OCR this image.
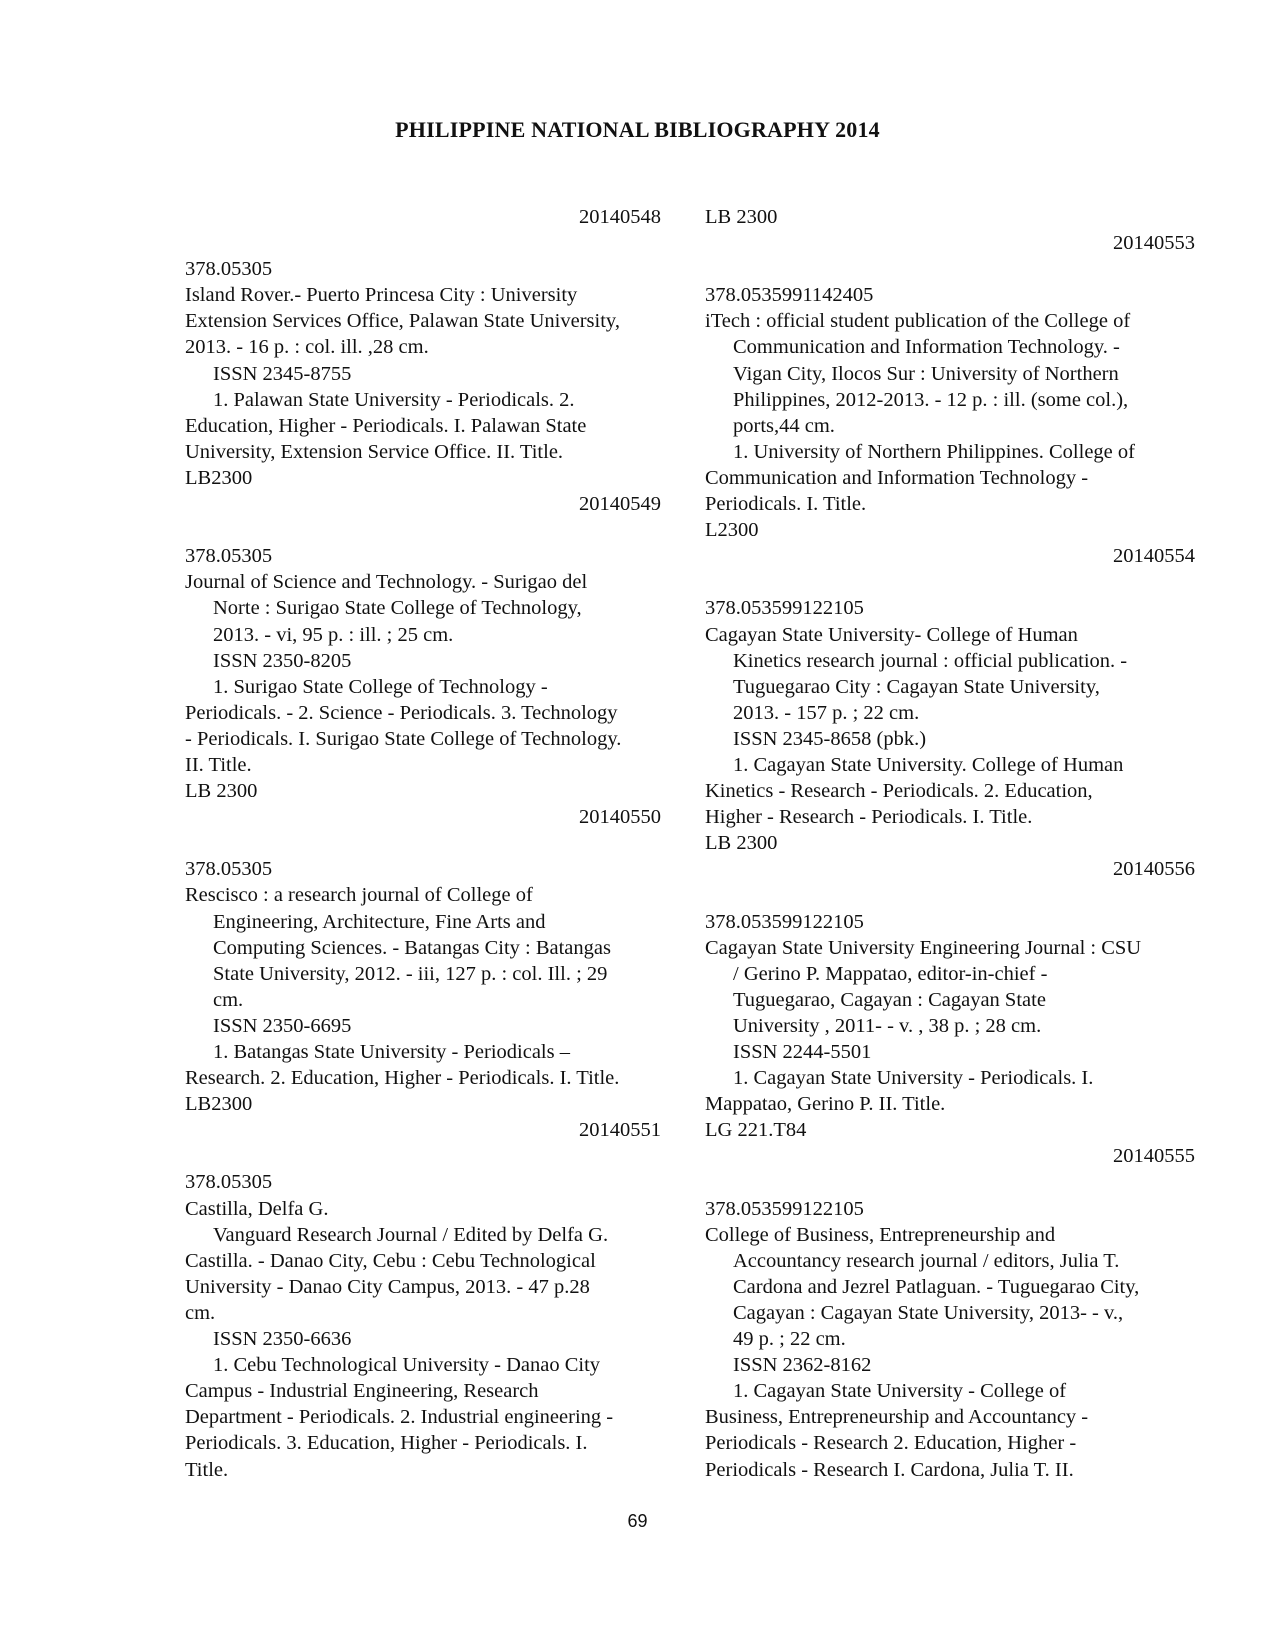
PHILIPPINE NATIONAL BIBLIOGRAPHY 2014
20140548
378.05305
Island Rover.- Puerto Princesa City : University
Extension Services Office, Palawan State University,
2013. - 16 p. : col. ill. ,28 cm.
ISSN 2345-8755
1. Palawan State University - Periodicals. 2.
Education, Higher - Periodicals. I. Palawan State
University, Extension Service Office. II. Title.
LB2300
20140549
378.05305
Journal of Science and Technology. - Surigao del
Norte : Surigao State College of Technology,
2013. - vi, 95 p. : ill. ; 25 cm.
ISSN 2350-8205
1. Surigao State College of Technology -
Periodicals. - 2. Science - Periodicals. 3. Technology
- Periodicals. I. Surigao State College of Technology.
II. Title.
LB 2300
20140550
378.05305
Rescisco : a research journal of College of
Engineering, Architecture, Fine Arts and
Computing Sciences. - Batangas City : Batangas
State University, 2012. - iii, 127 p. : col. Ill. ; 29
cm.
ISSN 2350-6695
1. Batangas State University - Periodicals –
Research. 2. Education, Higher - Periodicals. I. Title.
LB2300
20140551
378.05305
Castilla, Delfa G.
Vanguard Research Journal / Edited by Delfa G.
Castilla. - Danao City, Cebu : Cebu Technological
University - Danao City Campus, 2013. - 47 p.28
cm.
ISSN 2350-6636
1. Cebu Technological University - Danao City
Campus - Industrial Engineering, Research
Department - Periodicals. 2. Industrial engineering -
Periodicals. 3. Education, Higher - Periodicals. I.
Title.
LB 2300
20140553
378.0535991142405
iTech : official student publication of the College of
Communication and Information Technology. -
Vigan City, Ilocos Sur : University of Northern
Philippines, 2012-2013. - 12 p. : ill. (some col.),
ports,44 cm.
1. University of Northern Philippines. College of
Communication and Information Technology -
Periodicals. I. Title.
L2300
20140554
378.053599122105
Cagayan State University- College of Human
Kinetics research journal : official publication. -
Tuguegarao City : Cagayan State University,
2013. - 157 p. ; 22 cm.
ISSN 2345-8658 (pbk.)
1. Cagayan State University. College of Human
Kinetics - Research - Periodicals. 2. Education,
Higher - Research - Periodicals. I. Title.
LB 2300
20140556
378.053599122105
Cagayan State University Engineering Journal : CSU
/ Gerino P. Mappatao, editor-in-chief -
Tuguegarao, Cagayan : Cagayan State
University , 2011- - v. , 38 p. ; 28 cm.
ISSN 2244-5501
1. Cagayan State University - Periodicals. I.
Mappatao, Gerino P. II. Title.
LG 221.T84
20140555
378.053599122105
College of Business, Entrepreneurship and
Accountancy research journal / editors, Julia T.
Cardona and Jezrel Patlaguan. - Tuguegarao City,
Cagayan : Cagayan State University, 2013- - v.,
49 p. ; 22 cm.
ISSN 2362-8162
1. Cagayan State University - College of
Business, Entrepreneurship and Accountancy -
Periodicals - Research 2. Education, Higher -
Periodicals - Research I. Cardona, Julia T. II.
69
